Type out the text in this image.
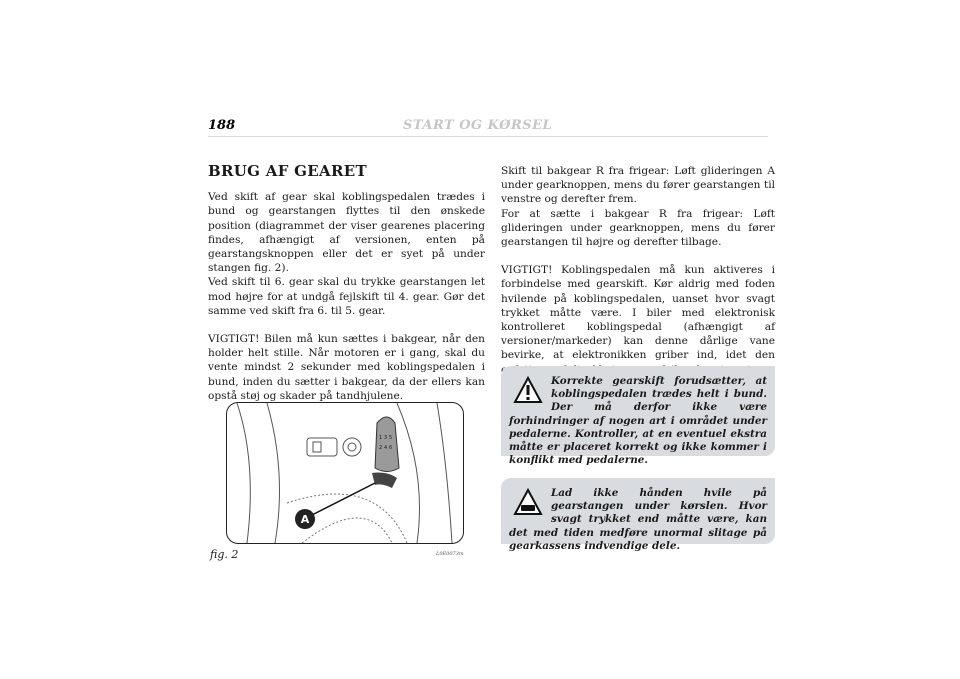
188	START OG KØRSEL
BRUG AF GEARET

Ved skift af gear skal koblingspedalen trædes i bund og gearstangen flyttes til den ønskede position (diagrammet der viser gearenes placering findes, afhængigt af versionen, enten på gearstangsknoppen eller det er syet på under stangen fig. 2).

Ved skift til 6. gear skal du trykke gearstangen let mod højre for at undgå fejlskift til 4. gear. Gør det samme ved skift fra 6. til 5. gear.

VIGTIGT! Bilen må kun sættes i bakgear, når den holder helt stille. Når motoren er i gang, skal du vente mindst 2 sekunder med koblingspedalen i bund, inden du sætter i bakgear, da der ellers kan opstå støj og skader på tandhjulene.

1 3 5
2 4 6
A
fig. 2	L0E0073m

Skift til bakgear R fra frigear: Løft glideringen A under gearknoppen, mens du fører gearstangen til venstre og derefter frem.

For at sætte i bakgear R fra frigear: Løft glideringen under gearknoppen, mens du fører gearstangen til højre og derefter tilbage.

VIGTIGT! Koblingspedalen må kun aktiveres i forbindelse med gearskift. Kør aldrig med foden hvilende på koblingspedalen, uanset hvor svagt trykket måtte være. I biler med elektronisk kontrolleret koblingspedal (afhængigt af versioner/markeder) kan denne dårlige vane bevirke, at elektronikken griber ind, idet den

Korrekte gearskift forudsætter, at koblingspedalen trædes helt i bund. Der må derfor ikke være forhindringer af nogen art i området under pedalerne. Kontroller, at en eventuel ekstra måtte er placeret korrekt og ikke kommer i konflikt med pedalerne.

Lad ikke hånden hvile på gearstangen under kørslen. Hvor svagt trykket end måtte være, kan det med tiden medføre unormal slitage på gearkassens indvendige dele.
